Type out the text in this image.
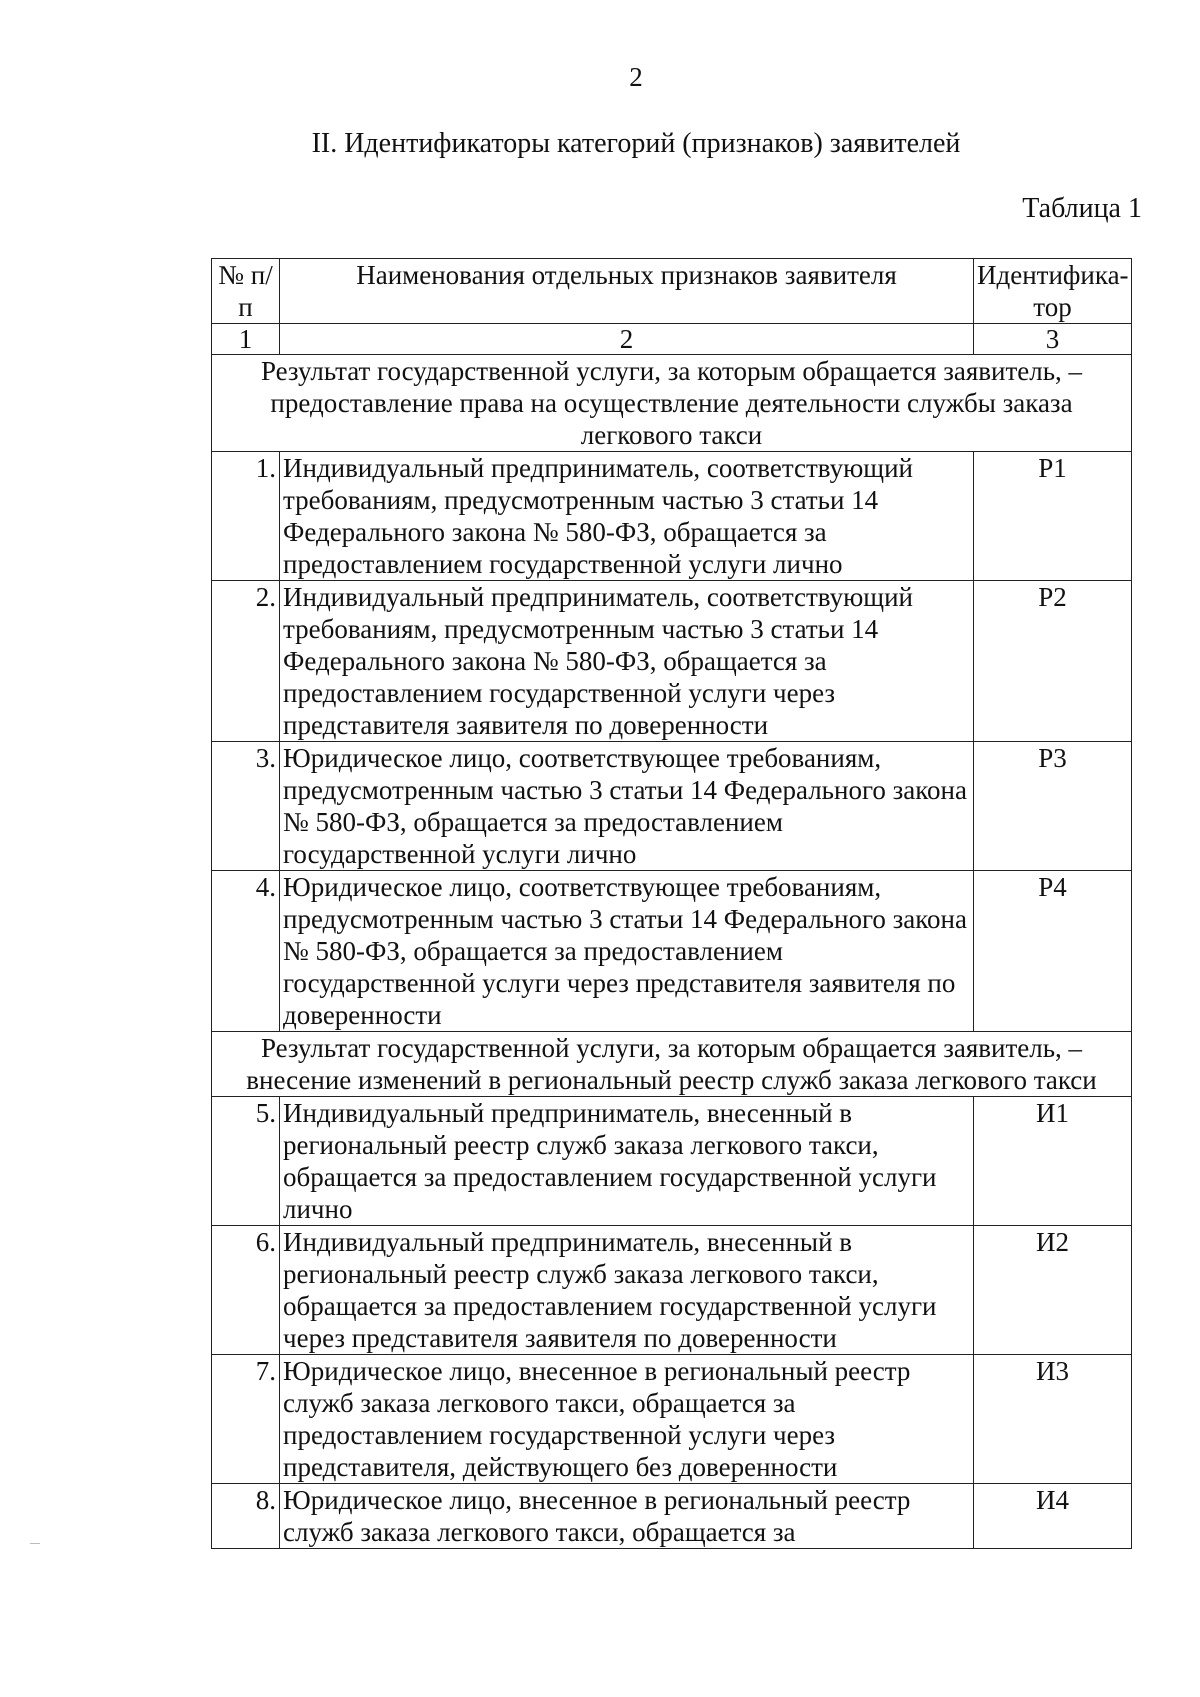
2
II. Идентификаторы категорий (признаков) заявителей
Таблица 1
№ п/п	Наименования отдельных признаков заявителя	Идентифика-тор
1	2	3
Результат государственной услуги, за которым обращается заявитель, – предоставление права на осуществление деятельности службы заказа легкового такси		
1.	Индивидуальный предприниматель, соответствующий требованиям, предусмотренным частью 3 статьи 14 Федерального закона № 580-ФЗ, обращается за предоставлением государственной услуги лично	Р1
2.	Индивидуальный предприниматель, соответствующий требованиям, предусмотренным частью 3 статьи 14 Федерального закона № 580-ФЗ, обращается за предоставлением государственной услуги через представителя заявителя по доверенности	Р2
3.	Юридическое лицо, соответствующее требованиям, предусмотренным частью 3 статьи 14 Федерального закона № 580-ФЗ, обращается за предоставлением государственной услуги лично	Р3
4.	Юридическое лицо, соответствующее требованиям, предусмотренным частью 3 статьи 14 Федерального закона № 580-ФЗ, обращается за предоставлением государственной услуги через представителя заявителя по доверенности	Р4
Результат государственной услуги, за которым обращается заявитель, – внесение изменений в региональный реестр служб заказа легкового такси		
5.	Индивидуальный предприниматель, внесенный в региональный реестр служб заказа легкового такси, обращается за предоставлением государственной услуги лично	И1
6.	Индивидуальный предприниматель, внесенный в региональный реестр служб заказа легкового такси, обращается за предоставлением государственной услуги через представителя заявителя по доверенности	И2
7.	Юридическое лицо, внесенное в региональный реестр служб заказа легкового такси, обращается за предоставлением государственной услуги через представителя, действующего без доверенности	И3
8.	Юридическое лицо, внесенное в региональный реестр служб заказа легкового такси, обращается за	И4
